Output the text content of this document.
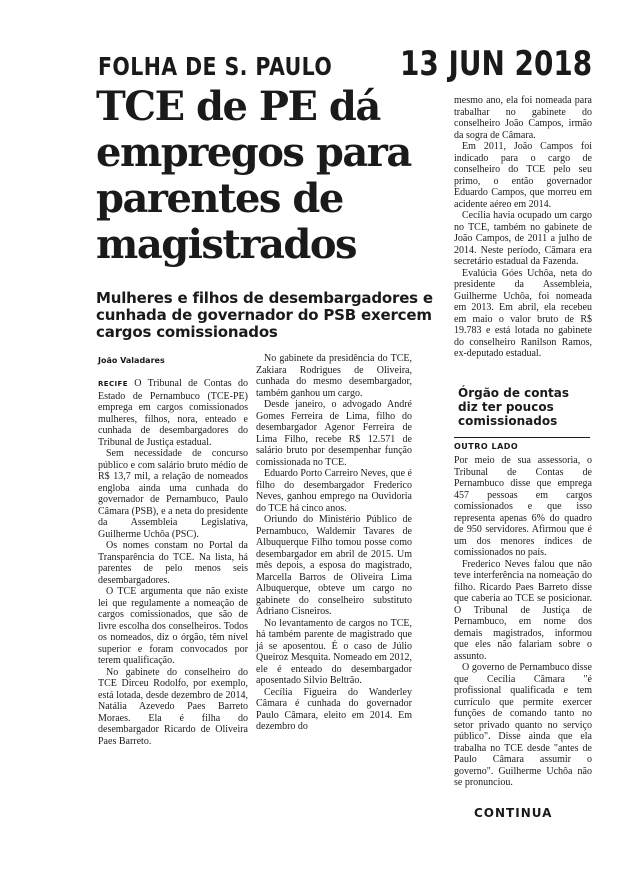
FOLHA DE S. PAULO 13 JUN 2018
TCE de PE dá empregos para parentes de magistrados
Mulheres e filhos de desembargadores e cunhada de governador do PSB exercem cargos comissionados
João Valadares

RECIFE O Tribunal de Contas do Estado de Pernambuco (TCE-PE) emprega em cargos comissionados mulheres, filhos, nora, enteado e cunhada de desembargadores do Tribunal de Justiça estadual.

Sem necessidade de concurso público e com salário bruto médio de R$ 13,7 mil, a relação de nomeados engloba ainda uma cunhada do governador de Pernambuco, Paulo Câmara (PSB), e a neta do presidente da Assembleia Legislativa, Guilherme Uchôa (PSC).

Os nomes constam no Portal da Transparência do TCE. Na lista, há parentes de pelo menos seis desembargadores.

O TCE argumenta que não existe lei que regulamente a nomeação de cargos comissionados, que são de livre escolha dos conselheiros. Todos os nomeados, diz o órgão, têm nível superior e foram convocados por terem qualificação.

No gabinete do conselheiro do TCE Dirceu Rodolfo, por exemplo, está lotada, desde dezembro de 2014, Natália Azevedo Paes Barreto Moraes. Ela é filha do desembargador Ricardo de Oliveira Paes Barreto.

No gabinete da presidência do TCE, Zakiara Rodrigues de Oliveira, cunhada do mesmo desembargador, também ganhou um cargo.

Desde janeiro, o advogado André Gomes Ferreira de Lima, filho do desembargador Agenor Ferreira de Lima Filho, recebe R$ 12.571 de salário bruto por desempenhar função comissionada no TCE.

Eduardo Porto Carreiro Neves, que é filho do desembargador Frederico Neves, ganhou emprego na Ouvidoria do TCE há cinco anos.

Oriundo do Ministério Público de Pernambuco, Waldemir Tavares de Albuquerque Filho tomou posse como desembargador em abril de 2015. Um mês depois, a esposa do magistrado, Marcella Barros de Oliveira Lima Albuquerque, obteve um cargo no gabinete do conselheiro substituto Adriano Cisneiros.

No levantamento de cargos no TCE, há também parente de magistrado que já se aposentou. É o caso de Júlio Queiroz Mesquita. Nomeado em 2012, ele é enteado do desembargador aposentado Silvio Beltrão.

Cecília Figueira do Wanderley Câmara é cunhada do governador Paulo Câmara, eleito em 2014. Em dezembro do

mesmo ano, ela foi nomeada para trabalhar no gabinete do conselheiro João Campos, irmão da sogra de Câmara.

Em 2011, João Campos foi indicado para o cargo de conselheiro do TCE pelo seu primo, o então governador Eduardo Campos, que morreu em acidente aéreo em 2014.

Cecília havia ocupado um cargo no TCE, também no gabinete de João Campos, de 2011 a julho de 2014. Neste período, Câmara era secretário estadual da Fazenda.

Evalúcia Góes Uchôa, neta do presidente da Assembleia, Guilherme Uchôa, foi nomeada em 2013. Em abril, ela recebeu em maio o valor bruto de R$ 19.783 e está lotada no gabinete do conselheiro Ranilson Ramos, ex-deputado estadual.

Órgão de contas diz ter poucos comissionados
OUTRO LADO

Por meio de sua assessoria, o Tribunal de Contas de Pernambuco disse que emprega 457 pessoas em cargos comissionados e que isso representa apenas 6% do quadro de 950 servidores. Afirmou que é um dos menores índices de comissionados no país.

Frederico Neves falou que não teve interferência na nomeação do filho. Ricardo Paes Barreto disse que caberia ao TCE se posicionar. O Tribunal de Justiça de Pernambuco, em nome dos demais magistrados, informou que eles não falariam sobre o assunto.

O governo de Pernambuco disse que Cecília Câmara "é profissional qualificada e tem currículo que permite exercer funções de comando tanto no setor privado quanto no serviço público". Disse ainda que ela trabalha no TCE desde "antes de Paulo Câmara assumir o governo". Guilherme Uchôa não se pronunciou.

CONTINUA
